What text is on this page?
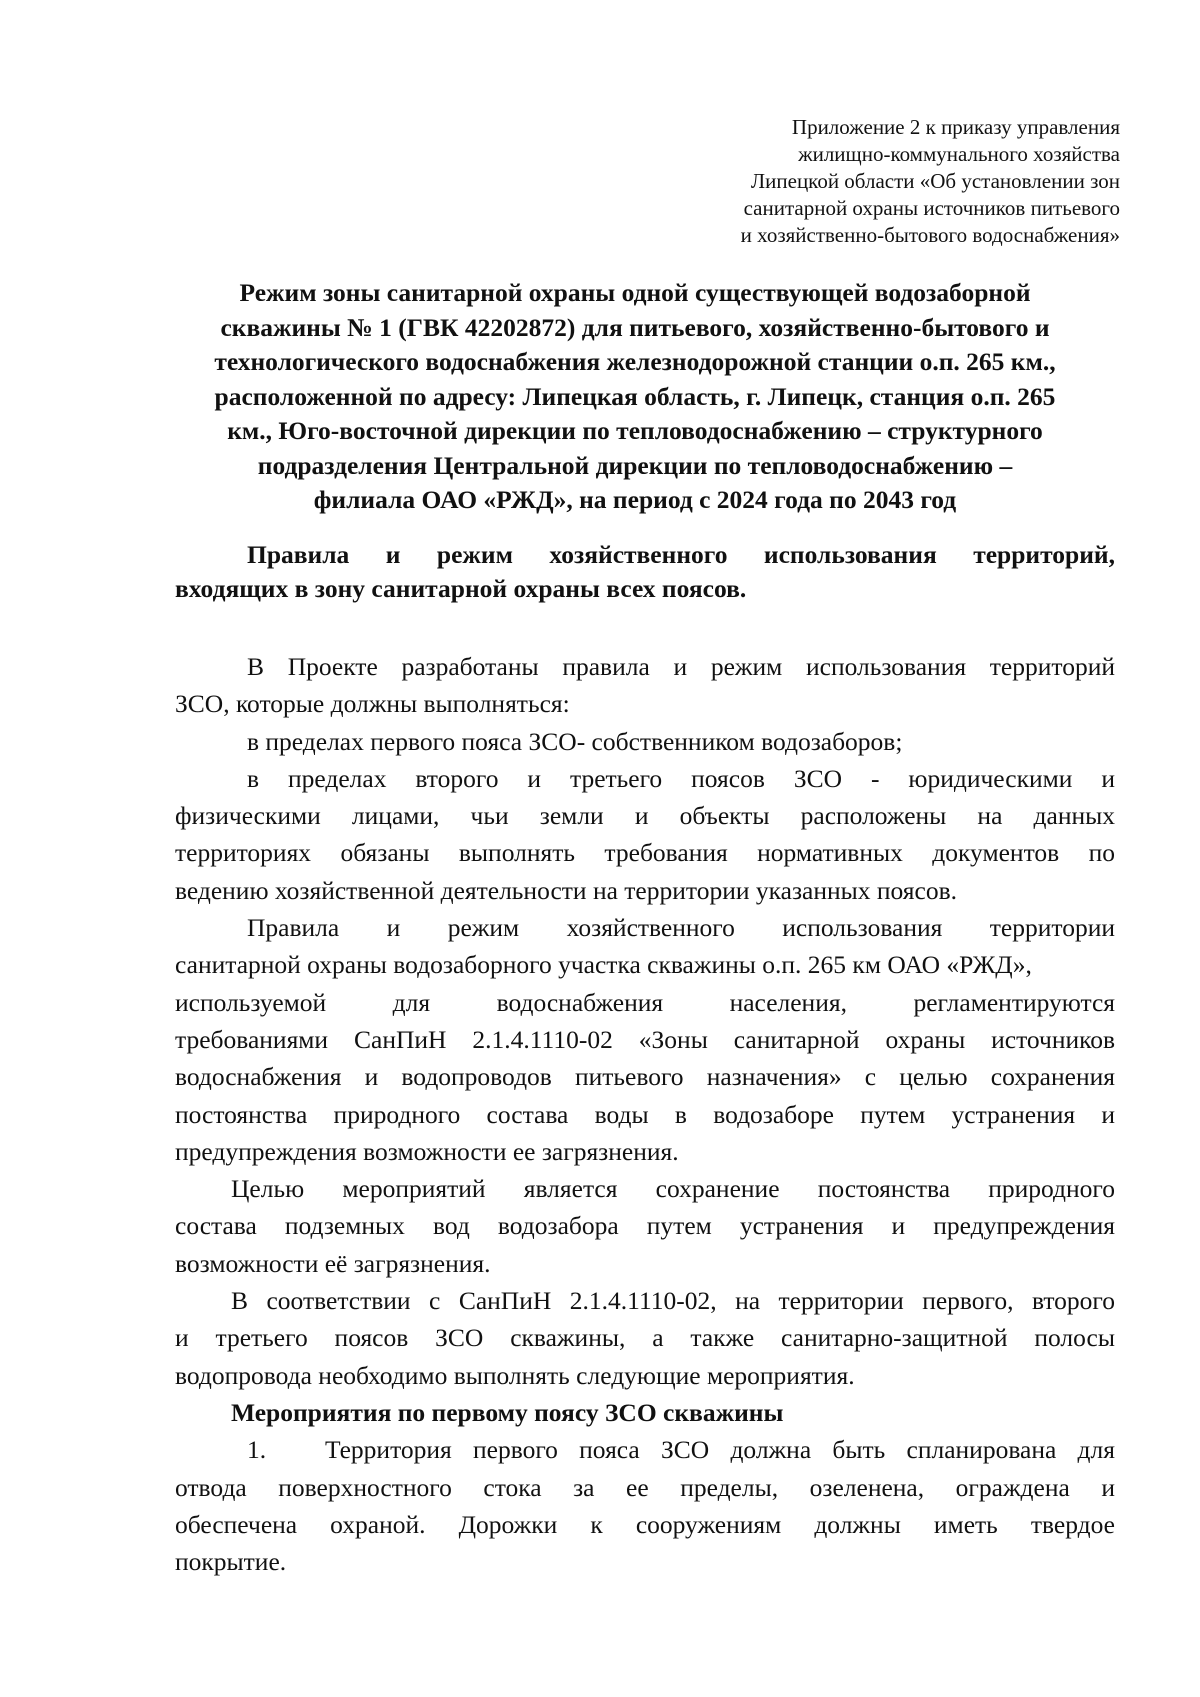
Приложение 2 к приказу управления
жилищно-коммунального хозяйства
Липецкой области «Об установлении зон
санитарной охраны источников питьевого
и хозяйственно-бытового водоснабжения»
Режим зоны санитарной охраны одной существующей водозаборной
скважины № 1 (ГВК 42202872) для питьевого, хозяйственно-бытового и
технологического водоснабжения железнодорожной станции о.п. 265 км.,
расположенной по адресу: Липецкая область, г. Липецк, станция о.п. 265
км., Юго-восточной дирекции по тепловодоснабжению – структурного
подразделения Центральной дирекции по тепловодоснабжению –
филиала ОАО «РЖД», на период с 2024 года по 2043 год
Правила и режим хозяйственного использования территорий,
входящих в зону санитарной охраны всех поясов.
В Проекте разработаны правила и режим использования территорий
ЗСО, которые должны выполняться:
в пределах первого пояса ЗСО- собственником водозаборов;
в пределах второго и третьего поясов ЗСО - юридическими и
физическими лицами, чьи земли и объекты расположены на данных
территориях обязаны выполнять требования нормативных документов по
ведению хозяйственной деятельности на территории указанных поясов.
Правила и режим хозяйственного использования территории
санитарной охраны водозаборного участка скважины о.п. 265 км ОАО «РЖД»,
используемой для водоснабжения населения, регламентируются
требованиями СанПиН 2.1.4.1110-02 «Зоны санитарной охраны источников
водоснабжения и водопроводов питьевого назначения» с целью сохранения
постоянства природного состава воды в водозаборе путем устранения и
предупреждения возможности ее загрязнения.
Целью мероприятий является сохранение постоянства природного
состава подземных вод водозабора путем устранения и предупреждения
возможности её загрязнения.
В соответствии с СанПиН 2.1.4.1110-02, на территории первого, второго
и третьего поясов ЗСО скважины, а также санитарно-защитной полосы
водопровода необходимо выполнять следующие мероприятия.
Мероприятия по первому поясу ЗСО скважины
1.	Территория первого пояса ЗСО должна быть спланирована для
отвода поверхностного стока за ее пределы, озеленена, ограждена и
обеспечена охраной. Дорожки к сооружениям должны иметь твердое
покрытие.
